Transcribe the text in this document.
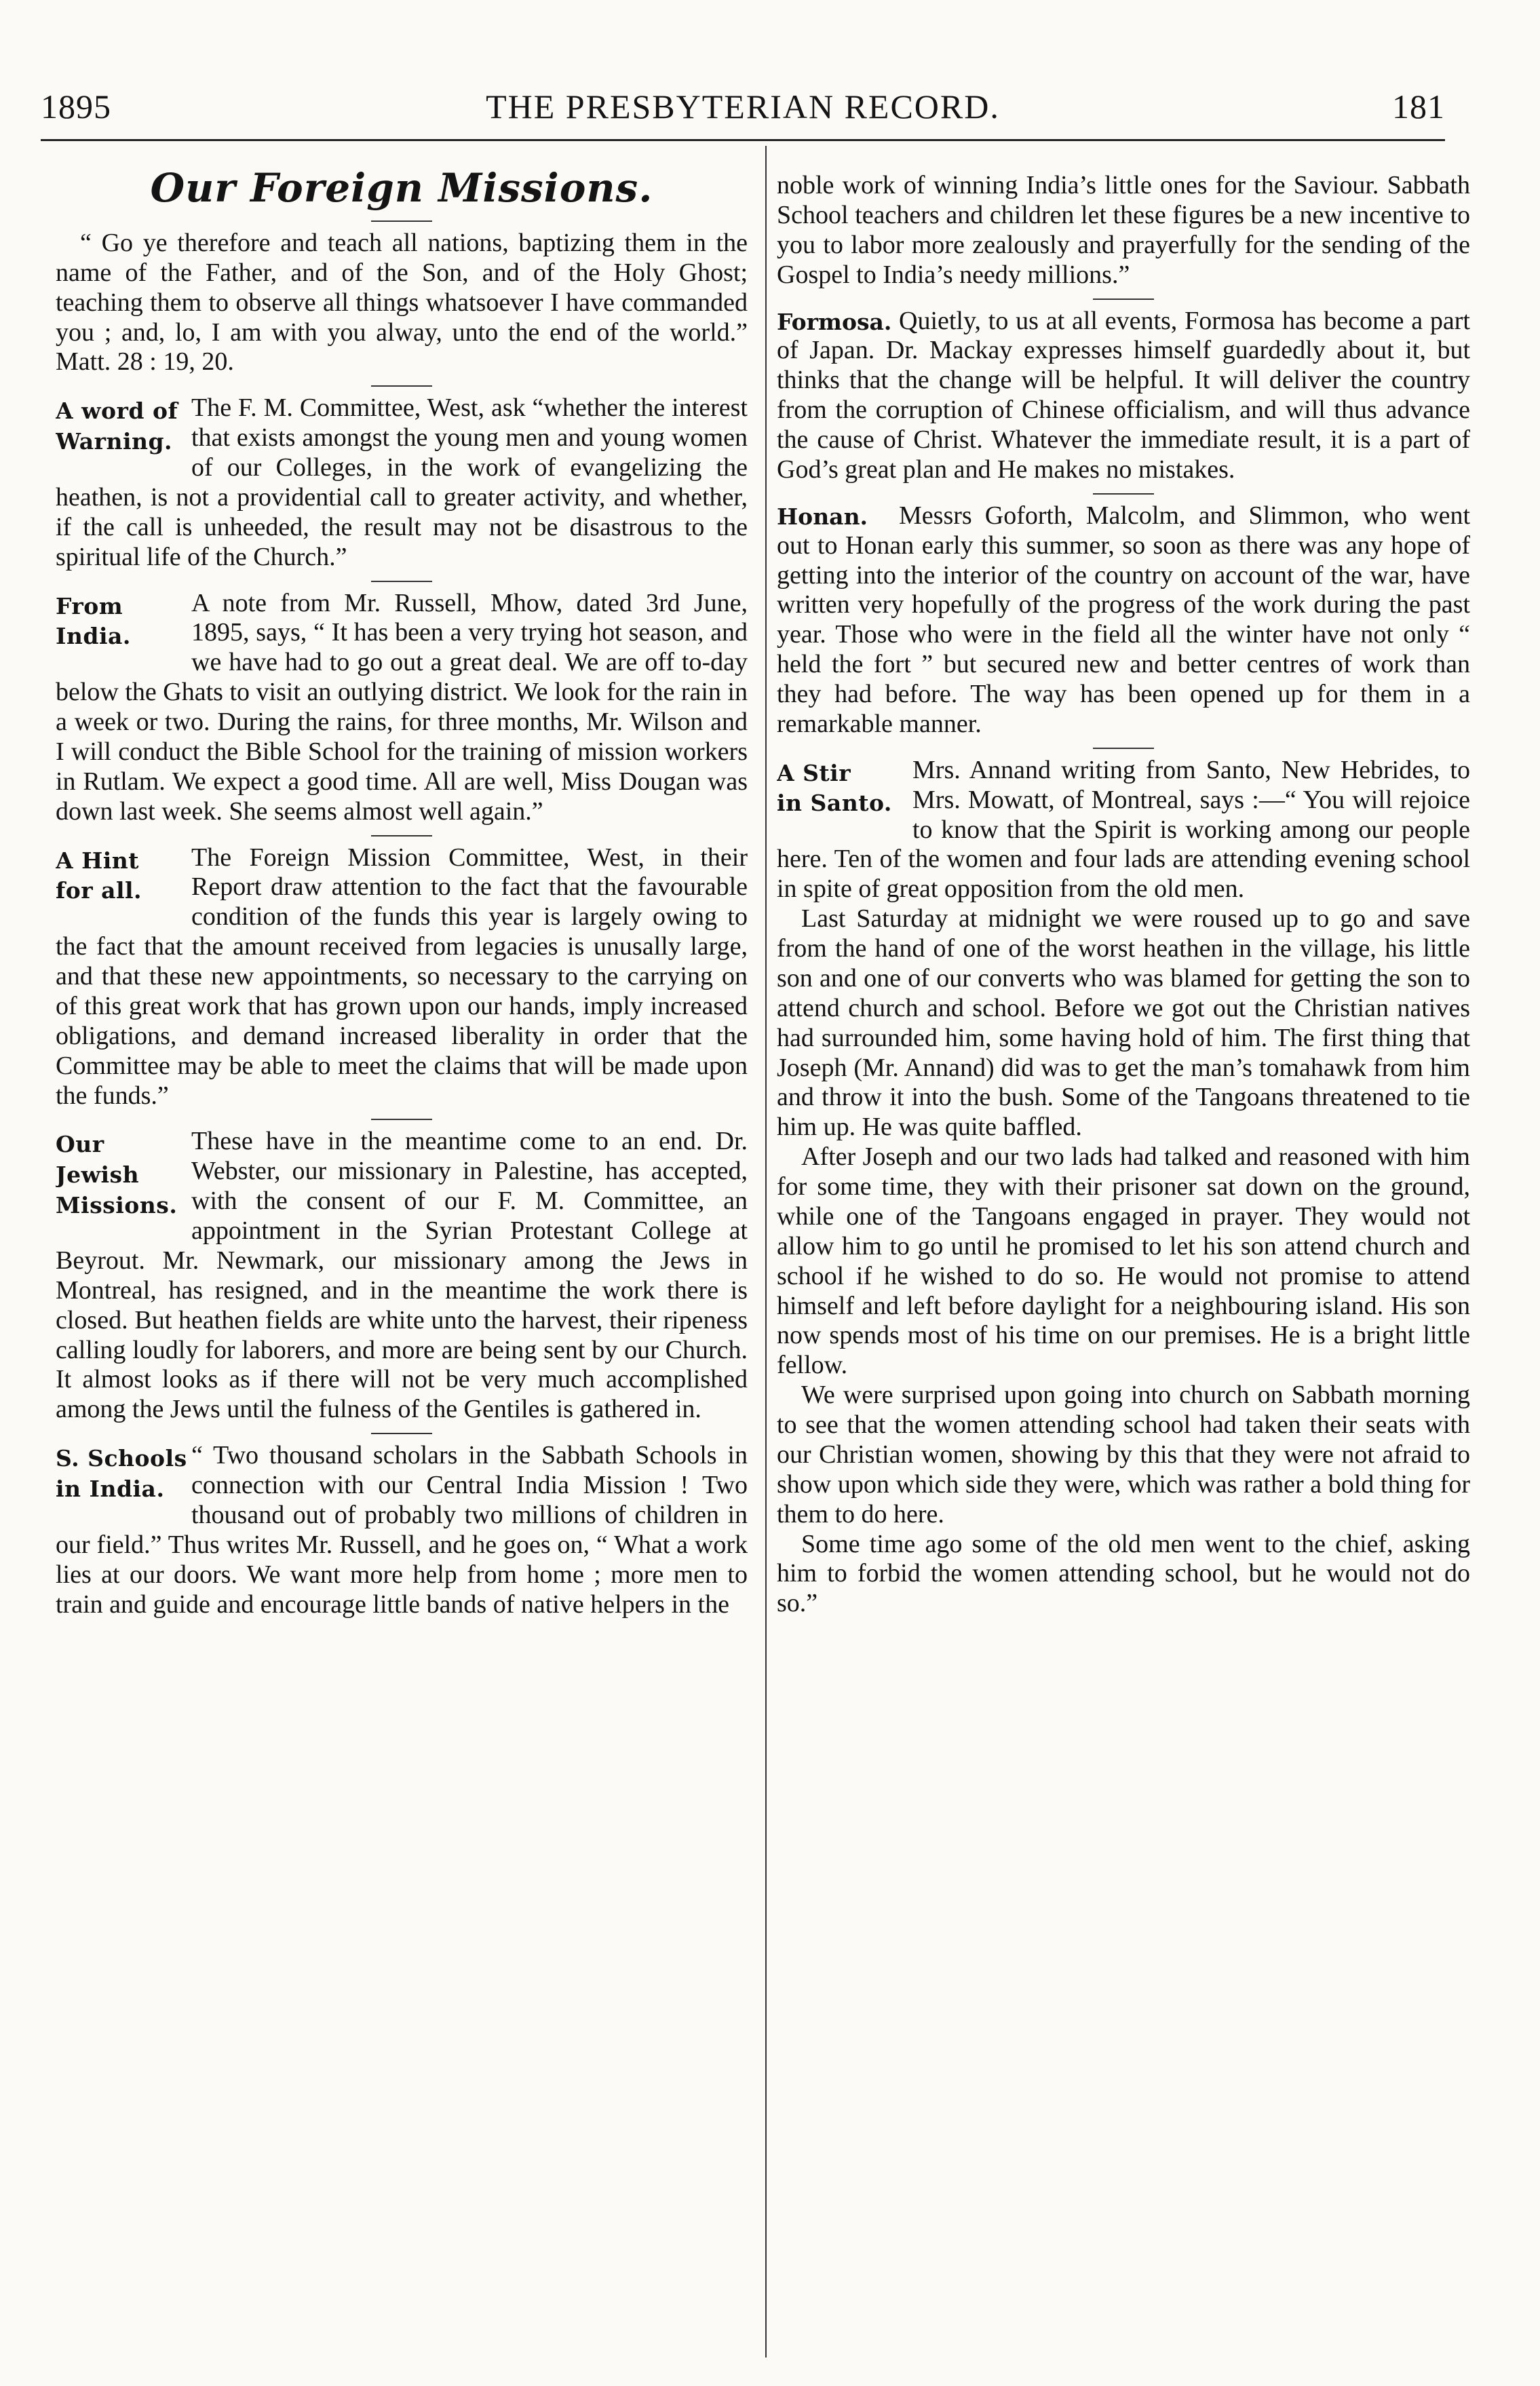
1895	THE PRESBYTERIAN RECORD.	181
Our Foreign Missions.

“ Go ye therefore and teach all nations, baptizing them in the name of the Father, and of the Son, and of the Holy Ghost; teaching them to observe all things whatsoever I have commanded you ; and, lo, I am with you alway, unto the end of the world.” Matt. 28 : 19, 20.

A word of
Warning.

The F. M. Committee, West, ask “whether the interest that exists amongst the young men and young women of our Colleges, in the work of evangelizing the heathen, is not a providential call to greater activity, and whether, if the call is unheeded, the result may not be disastrous to the spiritual life of the Church.”

From
India.

A note from Mr. Russell, Mhow, dated 3rd June, 1895, says, “ It has been a very trying hot season, and we have had to go out a great deal. We are off to-day below the Ghats to visit an outlying district. We look for the rain in a week or two. During the rains, for three months, Mr. Wilson and I will conduct the Bible School for the training of mission workers in Rutlam. We expect a good time. All are well, Miss Dougan was down last week. She seems almost well again.”

A Hint
for all.

The Foreign Mission Committee, West, in their Report draw attention to the fact that the favourable condition of the funds this year is largely owing to the fact that the amount received from legacies is unusally large, and that these new appointments, so necessary to the carrying on of this great work that has grown upon our hands, imply increased obligations, and demand increased liberality in order that the Committee may be able to meet the claims that will be made upon the funds.”

Our Jewish
Missions.

These have in the meantime come to an end. Dr. Webster, our missionary in Palestine, has accepted, with the consent of our F. M. Committee, an appointment in the Syrian Protestant College at Beyrout. Mr. Newmark, our missionary among the Jews in Montreal, has resigned, and in the meantime the work there is closed. But heathen fields are white unto the harvest, their ripeness calling loudly for laborers, and more are being sent by our Church. It almost looks as if there will not be very much accomplished among the Jews until the fulness of the Gentiles is gathered in.

S. Schools
in India.

“ Two thousand scholars in the Sabbath Schools in connection with our Central India Mission ! Two thousand out of probably two millions of children in our field.” Thus writes Mr. Russell, and he goes on, “ What a work lies at our doors. We want more help from home ; more men to train and guide and encourage little bands of native helpers in the

noble work of winning India’s little ones for the Saviour. Sabbath School teachers and children let these figures be a new incentive to you to labor more zealously and prayerfully for the sending of the Gospel to India’s needy millions.”

Formosa. Quietly, to us at all events, Formosa has become a part of Japan. Dr. Mackay expresses himself guardedly about it, but thinks that the change will be helpful. It will deliver the country from the corruption of Chinese officialism, and will thus advance the cause of Christ. Whatever the immediate result, it is a part of God’s great plan and He makes no mistakes.

Honan.	Messrs Goforth, Malcolm, and Slimmon, who went out to Honan early this summer, so soon as there was any hope of getting into the interior of the country on account of the war, have written very hopefully of the progress of the work during the past year. Those who were in the field all the winter have not only “ held the fort ” but secured new and better centres of work than they had before. The way has been opened up for them in a remarkable manner.

A Stir
in Santo.

Mrs. Annand writing from Santo, New Hebrides, to Mrs. Mowatt, of Montreal, says :—“ You will rejoice to know that the Spirit is working among our people here. Ten of the women and four lads are attending evening school in spite of great opposition from the old men.

Last Saturday at midnight we were roused up to go and save from the hand of one of the worst heathen in the village, his little son and one of our converts who was blamed for getting the son to attend church and school. Before we got out the Christian natives had surrounded him, some having hold of him. The first thing that Joseph (Mr. Annand) did was to get the man’s tomahawk from him and throw it into the bush. Some of the Tangoans threatened to tie him up. He was quite baffled.

After Joseph and our two lads had talked and reasoned with him for some time, they with their prisoner sat down on the ground, while one of the Tangoans engaged in prayer. They would not allow him to go until he promised to let his son attend church and school if he wished to do so. He would not promise to attend himself and left before daylight for a neighbouring island. His son now spends most of his time on our premises. He is a bright little fellow.

We were surprised upon going into church on Sabbath morning to see that the women attending school had taken their seats with our Christian women, showing by this that they were not afraid to show upon which side they were, which was rather a bold thing for them to do here.

Some time ago some of the old men went to the chief, asking him to forbid the women attending school, but he would not do so.”
